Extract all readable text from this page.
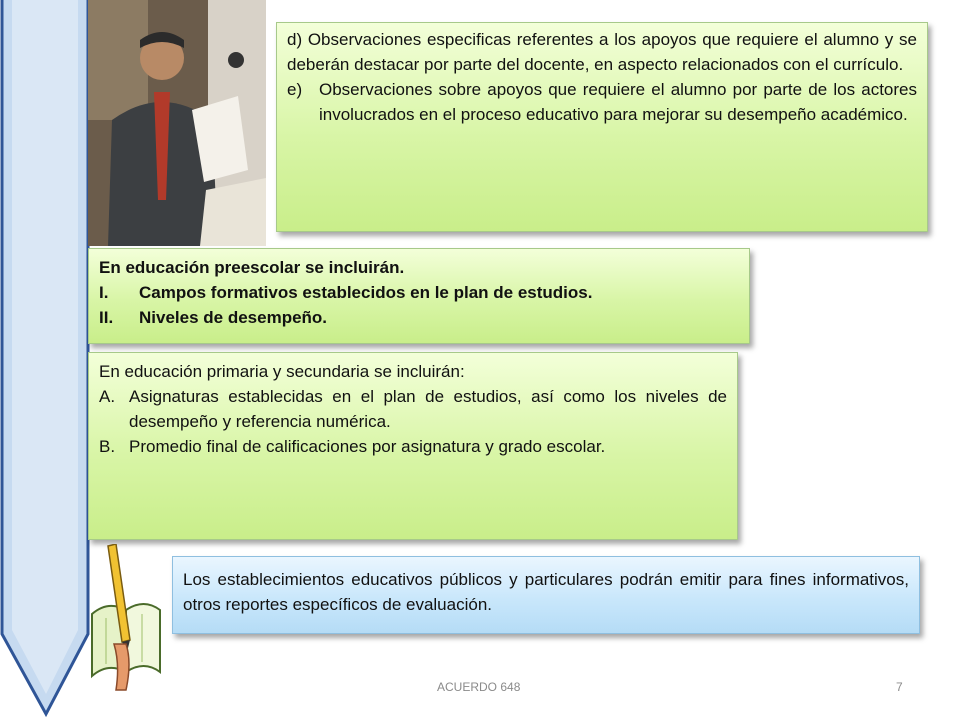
d) Observaciones especificas referentes a los apoyos que requiere el alumno y se deberán destacar por parte del docente, en aspecto relacionados con el currículo.
e) Observaciones sobre apoyos que requiere el alumno por parte de los actores involucrados en el proceso educativo para mejorar su desempeño académico.
En educación preescolar se incluirán.
I.	Campos formativos establecidos en le plan de estudios.
II.	Niveles de desempeño.
En educación primaria y secundaria se incluirán:
A. Asignaturas establecidas en el plan de estudios, así como los niveles de desempeño y referencia numérica.
B. Promedio final de calificaciones por asignatura y grado escolar.
Los establecimientos educativos públicos y particulares podrán emitir para fines informativos, otros reportes específicos de evaluación.
ACUERDO 648	7
